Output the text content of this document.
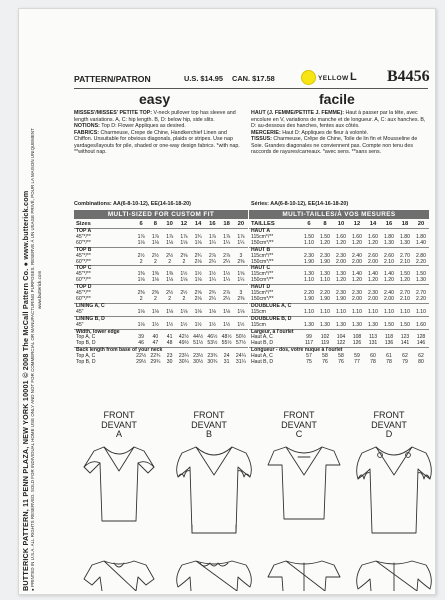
BUTTERICK PATTERN, 11 PENN PLAZA, NEW YORK 10001 © 2008 The McCall Pattern Co. ● www.butterick.com ● PRINTED IN U.S.A. ALL RIGHTS RESERVED. SOLD FOR INDIVIDUAL HOME USE ONLY AND NOT FOR COMMERCIAL OR MANUFACTURING PURPOSES. RESERVE À UN USAGE PRIVÉ, POUR LA MAISON UNIQUEMENT www.butterick.com
PATTERN/PATRON	U.S. $14.95 CAN. $17.58	YELLOW L B4456
easy	facile
MISSES'/MISSES' PETITE TOP: V-neck pullover top has sleeve and length variations. A, C: hip length. B, D: below hip, side slits.
NOTIONS: Top D: Flower Appliques as desired.
FABRICS: Charmeuse, Crepe de Chine, Handkerchief Linen and Chiffon. Unsuitable for obvious diagonals, plaids or stripes. Use nap yardages/layouts for pile, shaded or one-way design fabrics. *with nap. **without nap.
HAUT (J. FEMME/PETITE J. FEMME): Haut à passer par la tête, avec encolure en V, variations de manche et de longueur. A, C: aux hanches. B, D: au-dessous des hanches, fentes aux côtés.
MERCERIE: Haut D: Appliques de fleur à volonté.
TISSUS: Charmeuse, Crêpe de Chine, Toile de lin fin et Mousseline de Soie. Grandes diagonales ne conviennent pas. Compte non tenu des raccords de rayures/carreaux. *avec sens. **sans sens.
Combinations: AA(6-8-10-12), EE(14-16-18-20)	Séries: AA(6-8-10-12), EE(14-16-18-20)
MULTI-SIZED FOR CUSTOM FIT	MULTI-TAILLES/À VOS MESURES
Sizes	6	8	10	12	14	16	18	20
TOP A								
45"*/**	1⅞	1⅞	1⅞	1⅞	1¾	1⅞	1⅞	1⅞
60"*/**	1⅛	1⅛	1⅛	1⅛	1⅛	1¼	1¼	1¼
TOP B								
45"*/**	2½	2½	2½	2⅝	2¾	2⅞	2⅞	3
60"*/**	2	2	2	2	2⅛	2¼	2¼	2⅜
TOP C								
45"*/**	1⅜	1⅜	1⅜	1½	1½	1½	1½	1⅝
60"*/**	1⅛	1⅛	1⅛	1⅛	1⅛	1¼	1¼	1¼
TOP D								
45"*/**	2⅜	2⅜	2½	2½	2⅝	2¾	2⅞	3
60"*/**	2	2	2	2	2⅛	2¼	2¼	2⅜
LINING A, C								
45"	1⅛	1⅛	1⅛	1⅛	1⅛	1⅛	1⅛	1⅛
LINING B, D								
45"	1⅛	1½	1½	1½	1½	1½	1½	1½
Width, lower edge								
Top A, C	39	40	41	42½	44½	46½	48½	50½
Top B, D	46	47	48	49½	51½	53½	55½	57½
Back length from base of your neck								
Top A, C	22½	22¾	23	23¼	23½	23¾	24	24¼
Top B, D	29½	29¾	30	30¼	30½	30¾	31	31¼
TAILLES	6	8	10	12	14	16	18	20
HAUT A								
115cm*/**	1.50	1.50	1.60	1.60	1.60	1.80	1.80	1.80
150cm*/**	1.10	1.20	1.20	1.20	1.20	1.30	1.30	1.40
HAUT B								
115cm*/**	2.30	2.30	2.30	2.40	2.60	2.60	2.70	2.80
150cm*/**	1.90	1.90	2.00	2.00	2.00	2.10	2.10	2.20
HAUT C								
115cm*/**	1.30	1.30	1.30	1.40	1.40	1.40	1.50	1.50
150cm*/**	1.10	1.10	1.20	1.20	1.20	1.20	1.20	1.30
HAUT D								
115cm*/**	2.20	2.20	2.30	2.30	2.30	2.40	2.70	2.70
150cm*/**	1.90	1.90	1.90	2.00	2.00	2.00	2.10	2.20
DOUBLURE A, C								
115cm	1.10	1.10	1.10	1.10	1.10	1.10	1.10	1.10
DOUBLURE B, D								
115cm	1.30	1.30	1.30	1.30	1.30	1.50	1.50	1.60
Largeur, à l'ourlet								
Haut A, C	99	102	104	108	113	118	123	128
Haut B, D	117	119	122	126	131	136	141	146
Longueur - dos, votre nuque à l'ourlet								
Haut A, C	57	58	58	59	60	61	62	62
Haut B, D	75	76	76	77	78	78	79	80
FRONT
DEVANT
A
FRONT
DEVANT
B
FRONT
DEVANT
C
FRONT
DEVANT
D
